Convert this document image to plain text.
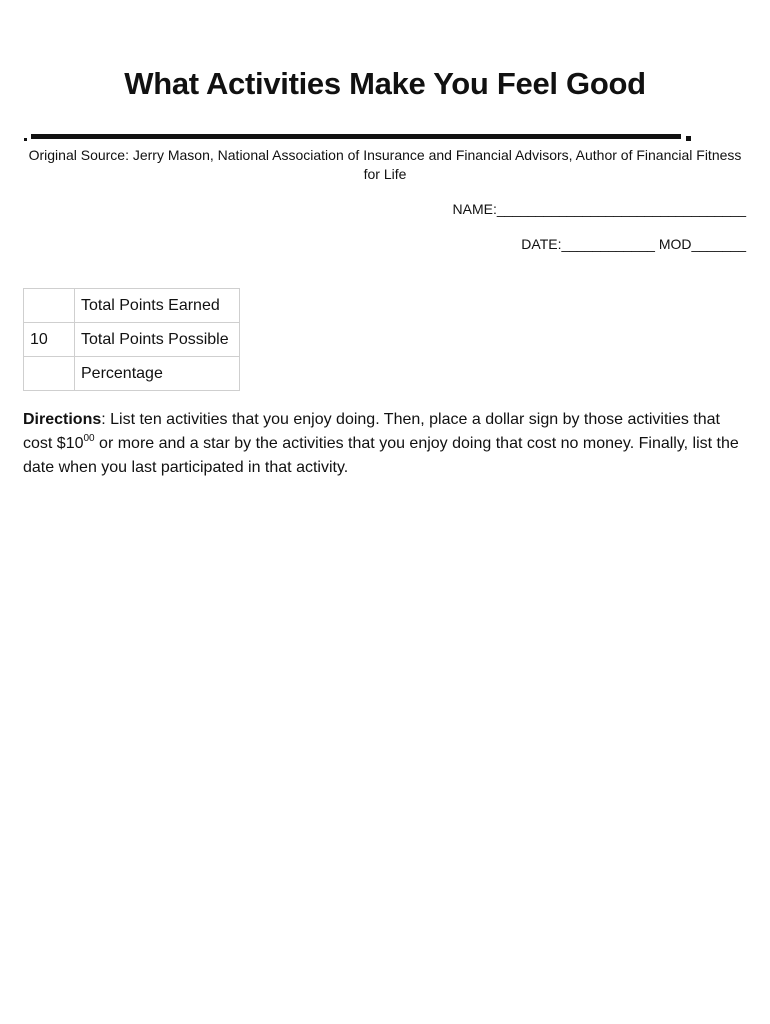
What Activities Make You Feel Good

Original Source: Jerry Mason, National Association of Insurance and Financial Advisors, Author of Financial Fitness for Life

NAME:________________________________

DATE:____________ MOD_______

	Total Points Earned
10	Total Points Possible
	Percentage

Directions: List ten activities that you enjoy doing. Then, place a dollar sign by those activities that cost $\$10^{00}$ or more and a star by the activities that you enjoy doing that cost no money. Finally, list the date when you last participated in that activity.
